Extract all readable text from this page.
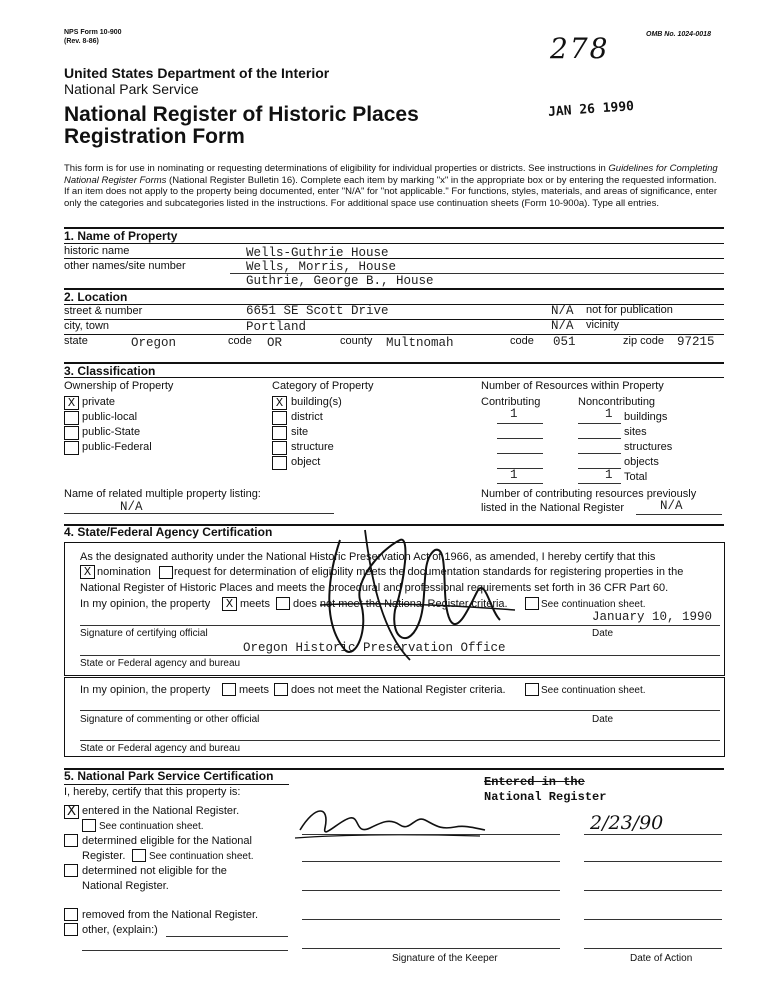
NPS Form 10-900
(Rev. 8-86)
OMB No. 1024-0018
278
JAN 26 1990
United States Department of the Interior
National Park Service
National Register of Historic Places
Registration Form
This form is for use in nominating or requesting determinations of eligibility for individual properties or districts. See instructions in Guidelines for Completing National Register Forms (National Register Bulletin 16). Complete each item by marking "x" in the appropriate box or by entering the requested information. If an item does not apply to the property being documented, enter "N/A" for "not applicable." For functions, styles, materials, and areas of significance, enter only the categories and subcategories listed in the instructions. For additional space use continuation sheets (Form 10-900a). Type all entries.
1. Name of Property
historic name	Wells-Guthrie House
other names/site number	Wells, Morris, House
Guthrie, George B., House
2. Location
street & number	6651 SE Scott Drive	N/A not for publication
city, town	Portland	N/A vicinity
state	Oregon	code OR	county Multnomah	code 051	zip code 97215
3. Classification
Ownership of Property	Category of Property	Number of Resources within Property
X private
public-local
public-State
public-Federal
X building(s)
district
site
structure
object
Contributing	Noncontributing
1	1 buildings
sites
structures
objects
1	1 Total
Name of related multiple property listing:
N/A
Number of contributing resources previously
listed in the National Register	N/A
4. State/Federal Agency Certification
As the designated authority under the National Historic Preservation Act of 1966, as amended, I hereby certify that this
X nomination request for determination of eligibility meets the documentation standards for registering properties in the
National Register of Historic Places and meets the procedural and professional requirements set forth in 36 CFR Part 60.
In my opinion, the property	X meets does not meet the National Register criteria.	See continuation sheet.
January 10, 1990
Signature of certifying official	Date
Oregon Historic Preservation Office
State or Federal agency and bureau
In my opinion, the property	meets does not meet the National Register criteria.	See continuation sheet.
Signature of commenting or other official	Date
State or Federal agency and bureau
5. National Park Service Certification
I, hereby, certify that this property is:
Entered in the
National Register
X entered in the National Register.
See continuation sheet.
determined eligible for the National
Register. See continuation sheet.
determined not eligible for the
National Register.
removed from the National Register.
other, (explain:)
2/23/90
Signature of the Keeper	Date of Action
